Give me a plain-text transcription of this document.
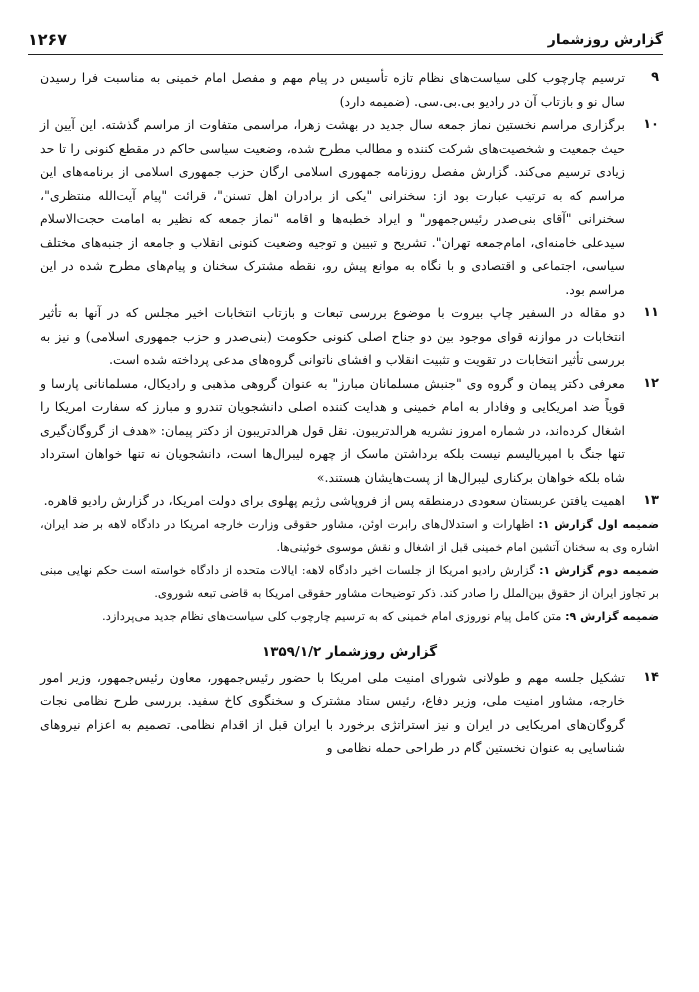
گزارش روزشمار
۱۲۶۷
۹
ترسیم چارچوب کلی سیاست‌های نظام تازه تأسیس در پیام مهم و مفصل امام خمینی به مناسبت فرا رسیدن سال نو و بازتاب آن در رادیو بی.بی.سی. (ضمیمه دارد)
۱۰
برگزاری مراسم نخستین نماز جمعه سال جدید در بهشت زهرا، مراسمی متفاوت از مراسم گذشته. این آیین از حیث جمعیت و شخصیت‌های شرکت کننده و مطالب مطرح شده، وضعیت سیاسی حاکم در مقطع کنونی را تا حد زیادی ترسیم می‌کند. گزارش مفصل روزنامه جمهوری اسلامی ارگان حزب جمهوری اسلامی از برنامه‌های این مراسم که به ترتیب عبارت بود از: سخنرانی "یکی از برادران اهل تسنن"، قرائت "پیام آیت‌الله منتظری"، سخنرانی "آقای بنی‌صدر رئیس‌جمهور" و ایراد خطبه‌ها و اقامه "نماز جمعه که نظیر به امامت حجت‌الاسلام سیدعلی خامنه‌ای، امام‌جمعه تهران". تشریح و تبیین و توجیه وضعیت کنونی انقلاب و جامعه از جنبه‌های مختلف سیاسی، اجتماعی و اقتصادی و با نگاه به موانع پیش رو، نقطه مشترک سخنان و پیام‌های مطرح شده در این مراسم بود.
۱۱
دو مقاله در السفیر چاپ بیروت با موضوع بررسی تبعات و بازتاب انتخابات اخیر مجلس که در آنها به تأثیر انتخابات در موازنه قوای موجود بین دو جناح اصلی کنونی حکومت (بنی‌صدر و حزب جمهوری اسلامی) و نیز به بررسی تأثیر انتخابات در تقویت و تثبیت انقلاب و افشای ناتوانی گروه‌های مدعی پرداخته شده است.
۱۲
معرفی دکتر پیمان و گروه وی "جنبش مسلمانان مبارز" به عنوان گروهی مذهبی و رادیکال، مسلمانانی پارسا و قویاً ضد امریکایی و وفادار به امام خمینی و هدایت کننده اصلی دانشجویان تندرو و مبارز که سفارت امریکا را اشغال کرده‌اند، در شماره امروز نشریه هرالدتریبون. نقل قول هرالدتریبون از دکتر پیمان: «هدف از گروگان‌گیری تنها جنگ با امپریالیسم نیست بلکه برداشتن ماسک از چهره لیبرال‌ها است، دانشجویان نه تنها خواهان استرداد شاه بلکه خواهان برکناری لیبرال‌ها از پست‌هایشان هستند.»
۱۳
اهمیت یافتن عربستان سعودی درمنطقه پس از فروپاشی رژیم پهلوی برای دولت امریکا، در گزارش رادیو قاهره.
ضمیمه اول گزارش ۱: اظهارات و استدلال‌های رابرت اوئن، مشاور حقوقی وزارت خارجه امریکا در دادگاه لاهه بر ضد ایران، اشاره وی به سخنان آتشین امام خمینی قبل از اشغال و نقش موسوی خوئینی‌ها.
ضمیمه دوم گزارش ۱: گزارش رادیو امریکا از جلسات اخیر دادگاه لاهه: ایالات متحده از دادگاه خواسته است حکم نهایی مبنی بر تجاوز ایران از حقوق بین‌الملل را صادر کند. ذکر توضیحات مشاور حقوقی امریکا به قاضی تبعه شوروی.
ضمیمه گزارش ۹: متن کامل پیام نوروزی امام خمینی که به ترسیم چارچوب کلی سیاست‌های نظام جدید می‌پردازد.
گزارش روزشمار ۱۳۵۹/۱/۲
۱۴
تشکیل جلسه مهم و طولانی شورای امنیت ملی امریکا با حضور رئیس‌جمهور، معاون رئیس‌جمهور، وزیر امور خارجه، مشاور امنیت ملی، وزیر دفاع، رئیس ستاد مشترک و سخنگوی کاخ سفید. بررسی طرح نظامی نجات گروگان‌های امریکایی در ایران و نیز استراتژی برخورد با ایران قبل از اقدام نظامی. تصمیم به اعزام نیروهای شناسایی به عنوان نخستین گام در طراحی حمله نظامی و
